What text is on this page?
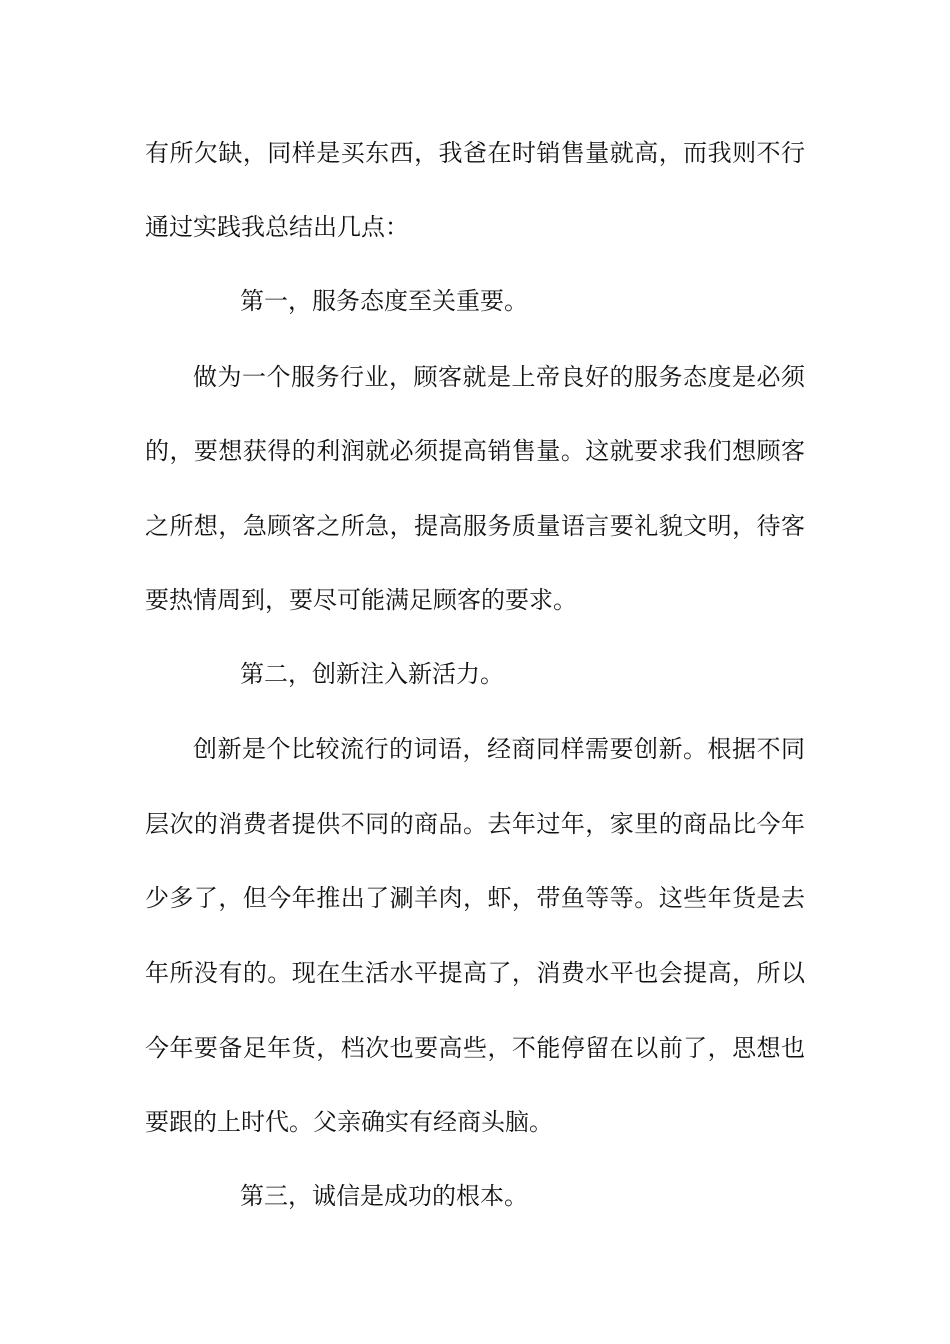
有所欠缺，同样是买东西，我爸在时销售量就高，而我则不行
通过实践我总结出几点：
第一，服务态度至关重要。
做为一个服务行业，顾客就是上帝良好的服务态度是必须
的，要想获得的利润就必须提高销售量。这就要求我们想顾客
之所想，急顾客之所急，提高服务质量语言要礼貌文明，待客
要热情周到，要尽可能满足顾客的要求。
第二，创新注入新活力。
创新是个比较流行的词语，经商同样需要创新。根据不同
层次的消费者提供不同的商品。去年过年，家里的商品比今年
少多了，但今年推出了涮羊肉，虾，带鱼等等。这些年货是去
年所没有的。现在生活水平提高了，消费水平也会提高，所以
今年要备足年货，档次也要高些，不能停留在以前了，思想也
要跟的上时代。父亲确实有经商头脑。
第三，诚信是成功的根本。
